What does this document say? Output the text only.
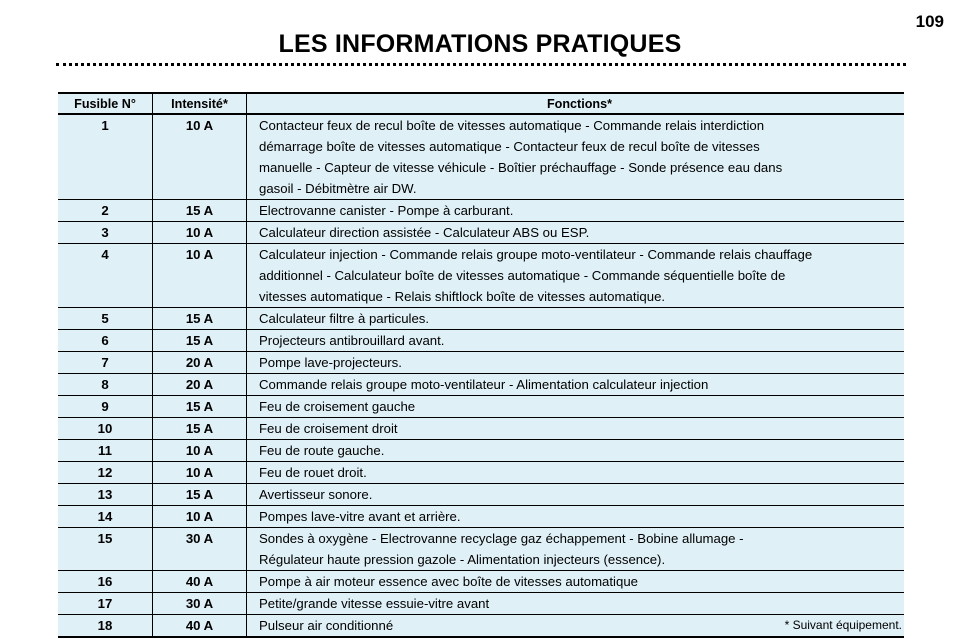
109
LES INFORMATIONS PRATIQUES
Fusible N°	Intensité*	Fonctions*
1	10 A	Contacteur feux de recul boîte de vitesses automatique - Commande relais interdiction
démarrage boîte de vitesses automatique - Contacteur feux de recul boîte de vitesses
manuelle - Capteur de vitesse véhicule - Boîtier préchauffage - Sonde présence eau dans
gasoil - Débitmètre air DW.

2	15 A	Electrovanne canister - Pompe à carburant.

3	10 A	Calculateur direction assistée - Calculateur ABS ou ESP.

4	10 A	Calculateur injection - Commande relais groupe moto-ventilateur - Commande relais chauffage
additionnel - Calculateur boîte de vitesses automatique - Commande séquentielle boîte de
vitesses automatique - Relais shiftlock boîte de vitesses automatique.

5	15 A	Calculateur filtre à particules.

6	15 A	Projecteurs antibrouillard avant.

7	20 A	Pompe lave-projecteurs.

8	20 A	Commande relais groupe moto-ventilateur - Alimentation calculateur injection

9	15 A	Feu de croisement gauche

10	15 A	Feu de croisement droit

11	10 A	Feu de route gauche.

12	10 A	Feu de rouet droit.

13	15 A	Avertisseur sonore.

14	10 A	Pompes lave-vitre avant et arrière.

15	30 A	Sondes à oxygène - Electrovanne recyclage gaz échappement - Bobine allumage -
Régulateur haute pression gazole - Alimentation injecteurs (essence).

16	40 A	Pompe à air moteur essence avec boîte de vitesses automatique

17	30 A	Petite/grande vitesse essuie-vitre avant

18	40 A	Pulseur air conditionné	* Suivant équipement.
